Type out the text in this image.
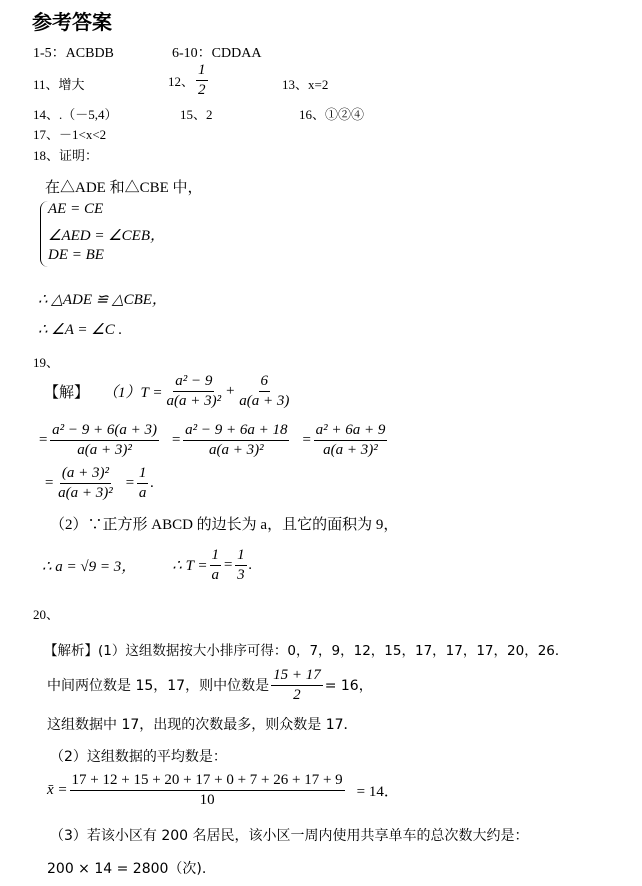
参考答案
1-5：ACBDB	6-10：CDDAA
11、增大	12、 $\frac{1}{2}$	13、x=2
14、.（－5,4）	15、2	16、①②④
17、－1<x<2
18、证明：
在△ADE 和△CBE 中，
AE = CE
∠AED = ∠CEB，
DE = BE
∴ △ADE ≌ △CBE，
∴ ∠A = ∠C .
19、
【解】 $(1)T = \frac{\text{a² − 9}}{\text{a(a + 3)²}} + \frac{6}{a(a + 3)}$
= $\frac{\text{a² − 9 + 6(a + 3)}}{\text{a(a + 3)²}} = \frac{\text{a² − 9 + 6a + 18}}{\text{a(a + 3)²}} = \frac{\text{a² + 6a + 9}}{\text{a(a + 3)²}}$
= $\frac{\text{(a + 3)²}}{\text{a(a + 3)²}} = \frac{1}{a}$ .
（2）∵正方形 ABCD 的边长为 a，且它的面积为 9，
∴ a = √9 = 3， ∴ $T = \frac{1}{a} = \frac{1}{3}$ .
20、
【解析】(1）这组数据按大小排序可得：0，7，9，12，15，17，17，17，20，26．
中间两位数是 15，17，则中位数是 $\frac{15 + 17}{2} = 16$，
这组数据中 17，出现的次数最多，则众数是 17．
（2）这组数据的平均数是：
x̄ = $\frac{17 + 12 + 15 + 20 + 17 + 0 + 7 + 26 + 17 + 9}{10} = 14$．
（3）若该小区有 200 名居民，该小区一周内使用共享单车的总次数大约是：
200 × 14 = 2800（次).
